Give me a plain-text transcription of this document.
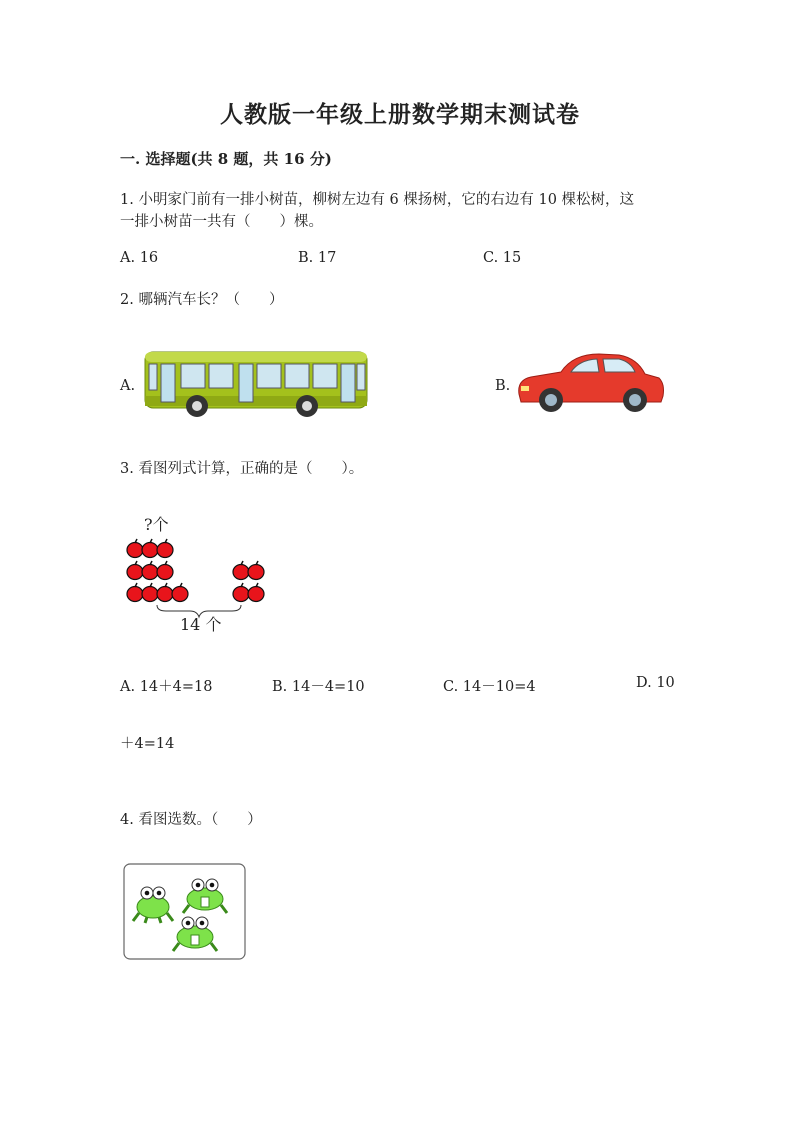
人教版一年级上册数学期末测试卷
一. 选择题(共 8 题，共 16 分)
1. 小明家门前有一排小树苗，柳树左边有 6 棵扬树，它的右边有 10 棵松树，这
一排小树苗一共有（　　）棵。
A. 16	B. 17	C. 15
2. 哪辆汽车长？（　　）
A.	B.
3. 看图列式计算，正确的是（　　）。
?个
14 个
A. 14＋4=18	B. 14－4=10	C. 14－10=4	D. 10
＋4=14
4. 看图选数。（　　）
